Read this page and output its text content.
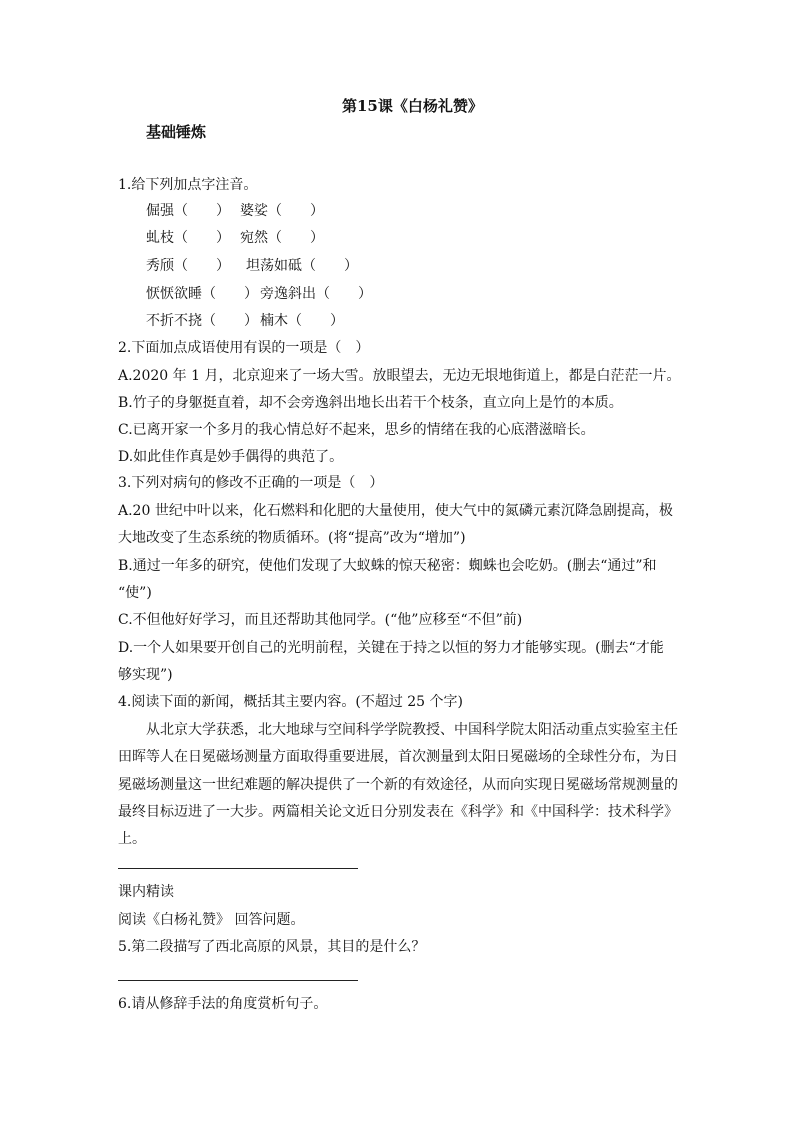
第15课《白杨礼赞》
基础锤炼
1.给下列加点字注音。
倔强（　　） 婆娑（　　）
虬枝（　　） 宛然（　　）
秀颀（　　） 坦荡如砥（　　）
恹恹欲睡（　　） 旁逸斜出（　　）
不折不挠（　　） 楠木（　　）
2.下面加点成语使用有误的一项是（　）
A.2020 年 1 月，北京迎来了一场大雪。放眼望去，无边无垠地街道上，都是白茫茫一片。
B.竹子的身躯挺直着，却不会旁逸斜出地长出若干个枝条，直立向上是竹的本质。
C.已离开家一个多月的我心情总好不起来，思乡的情绪在我的心底潜滋暗长。
D.如此佳作真是妙手偶得的典范了。
3.下列对病句的修改不正确的一项是（　）
A.20 世纪中叶以来，化石燃料和化肥的大量使用，使大气中的氮磷元素沉降急剧提高，极
大地改变了生态系统的物质循环。(将“提高”改为“增加”)
B.通过一年多的研究，使他们发现了大蚁蛛的惊天秘密：蜘蛛也会吃奶。(删去“通过”和
“使”)
C.不但他好好学习，而且还帮助其他同学。(“他”应移至“不但”前)
D.一个人如果要开创自己的光明前程，关键在于持之以恒的努力才能够实现。(删去“才能
够实现”)
4.阅读下面的新闻，概括其主要内容。(不超过 25 个字)
从北京大学获悉，北大地球与空间科学学院教授、中国科学院太阳活动重点实验室主任
田晖等人在日冕磁场测量方面取得重要进展，首次测量到太阳日冕磁场的全球性分布，为日
冕磁场测量这一世纪难题的解决提供了一个新的有效途径，从而向实现日冕磁场常规测量的
最终目标迈进了一大步。两篇相关论文近日分别发表在《科学》和《中国科学：技术科学》
上。
课内精读
阅读《白杨礼赞》 回答问题。
5.第二段描写了西北高原的风景，其目的是什么？
6.请从修辞手法的角度赏析句子。
